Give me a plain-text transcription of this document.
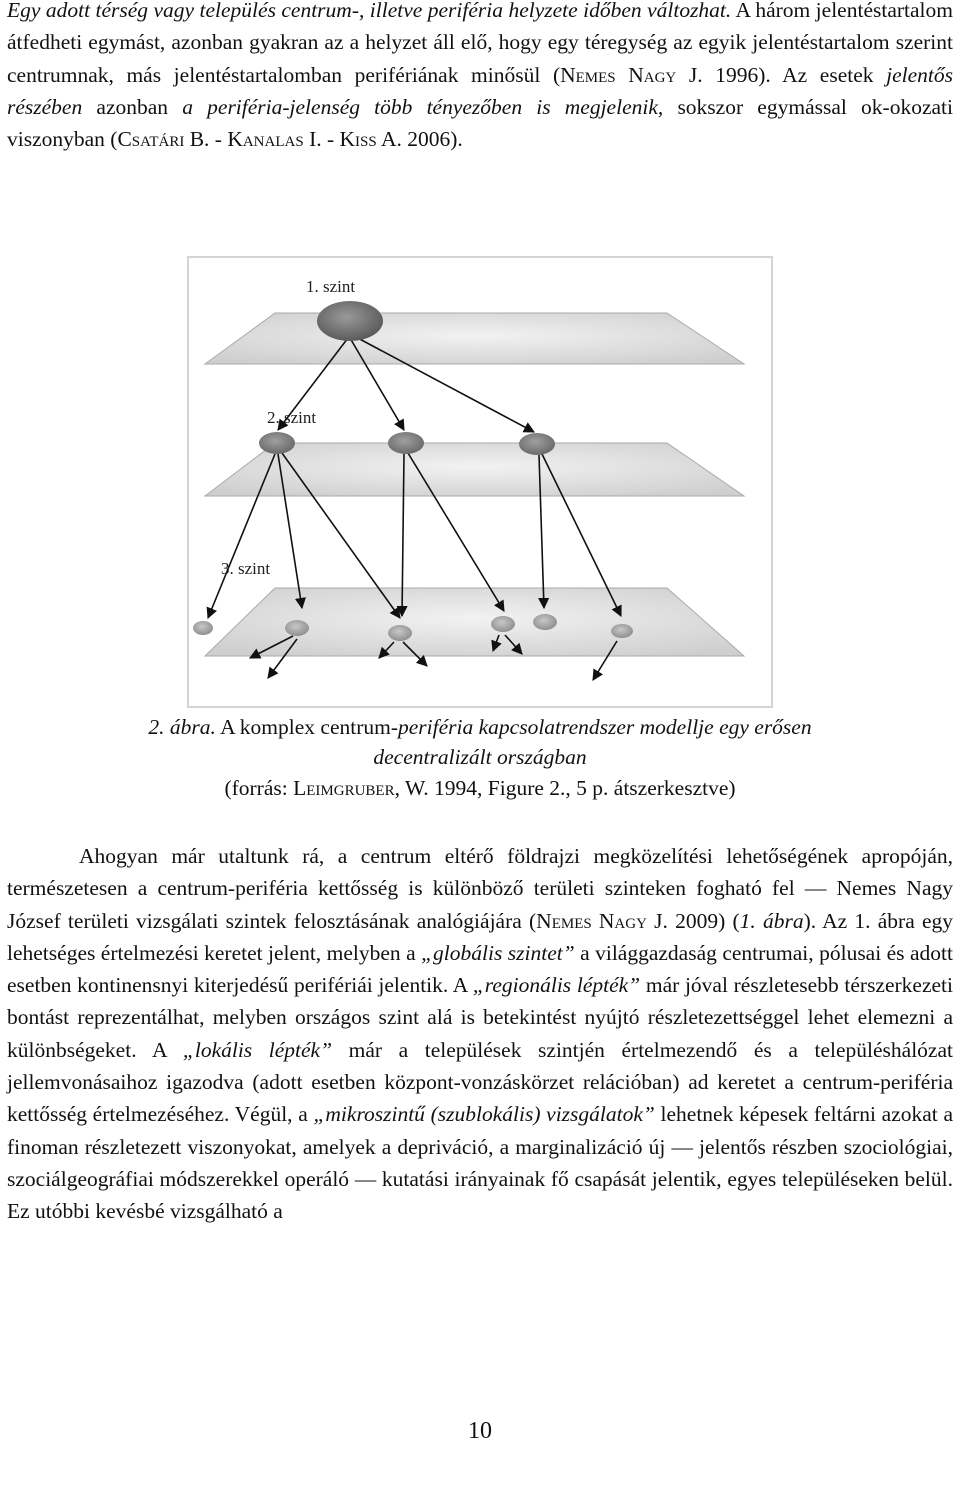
Egy adott térség vagy település centrum-, illetve periféria helyzete időben változhat. A három jelentéstartalom átfedheti egymást, azonban gyakran az a helyzet áll elő, hogy egy téregység az egyik jelentéstartalom szerint centrumnak, más jelentéstartalomban perifériának minősül (Nemes Nagy J. 1996). Az esetek jelentős részében azonban a periféria-jelenség több tényezőben is megjelenik, sokszor egymással ok-okozati viszonyban (Csatári B. - Kanalas I. - Kiss A. 2006).

1. szint
2. szint
3. szint

2. ábra. A komplex centrum-periféria kapcsolatrendszer modellje egy erősen

decentralizált országban

(forrás: Leimgruber, W. 1994, Figure 2., 5 p. átszerkesztve)

Ahogyan már utaltunk rá, a centrum eltérő földrajzi megközelítési lehetőségének apropóján, természetesen a centrum-periféria kettősség is különböző területi szinteken fogható fel ― Nemes Nagy József területi vizsgálati szintek felosztásának analógiájára (Nemes Nagy J. 2009) (1. ábra). Az 1. ábra egy lehetséges értelmezési keretet jelent, melyben a „globális szintet” a világgazdaság centrumai, pólusai és adott esetben kontinensnyi kiterjedésű perifériái jelentik. A „regionális lépték” már jóval részletesebb térszerkezeti bontást reprezentálhat, melyben országos szint alá is betekintést nyújtó részletezettséggel lehet elemezni a különbségeket. A „lokális lépték” már a települések szintjén értelmezendő és a településhálózat jellemvonásaihoz igazodva (adott esetben központ-vonzáskörzet relációban) ad keretet a centrum-periféria kettősség értelmezéséhez. Végül, a „mikroszintű (szublokális) vizsgálatok” lehetnek képesek feltárni azokat a finoman részletezett viszonyokat, amelyek a depriváció, a marginalizáció új ― jelentős részben szociológiai, szociálgeográfiai módszerekkel operáló ― kutatási irányainak fő csapását jelentik, egyes településeken belül. Ez utóbbi kevésbé vizsgálható a

10
